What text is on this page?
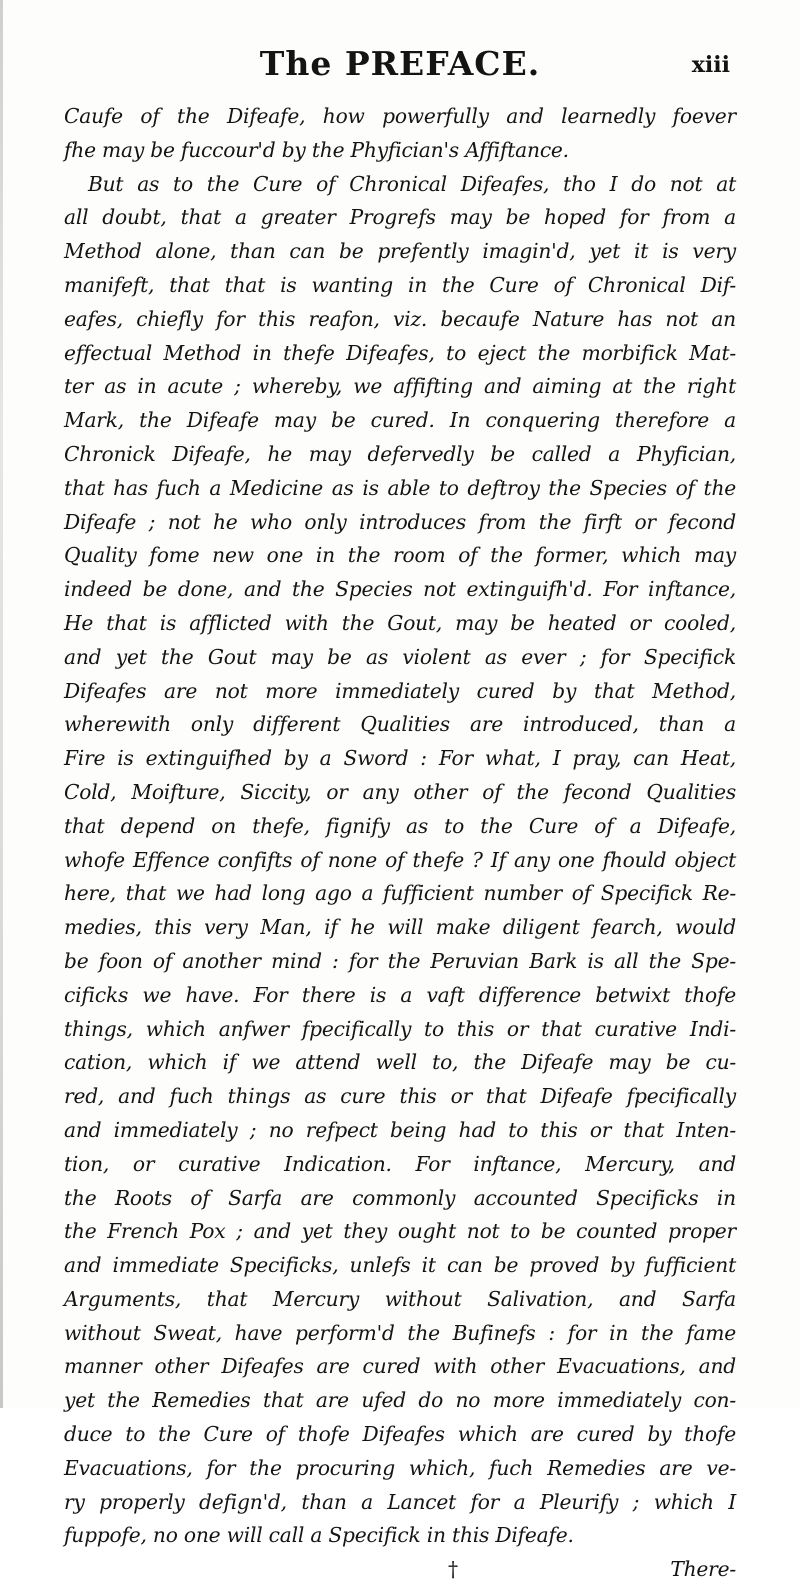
The PREFACE.	xiii
Caufe of the Difeafe, how powerfully and learnedly foever
fhe may be fuccour'd by the Phyfician's Affiftance.
But as to the Cure of Chronical Difeafes, tho I do not at
all doubt, that a greater Progrefs may be hoped for from a
Method alone, than can be prefently imagin'd, yet it is very
manifeft, that that is wanting in the Cure of Chronical Dif-
eafes, chiefly for this reafon, viz. becaufe Nature has not an
effectual Method in thefe Difeafes, to eject the morbifick Mat-
ter as in acute ; whereby, we affifting and aiming at the right
Mark, the Difeafe may be cured. In conquering therefore a
Chronick Difeafe, he may defervedly be called a Phyfician,
that has fuch a Medicine as is able to deftroy the Species of the
Difeafe ; not he who only introduces from the firft or fecond
Quality fome new one in the room of the former, which may
indeed be done, and the Species not extinguifh'd. For inftance,
He that is afflicted with the Gout, may be heated or cooled,
and yet the Gout may be as violent as ever ; for Specifick
Difeafes are not more immediately cured by that Method,
wherewith only different Qualities are introduced, than a
Fire is extinguifhed by a Sword : For what, I pray, can Heat,
Cold, Moifture, Siccity, or any other of the fecond Qualities
that depend on thefe, fignify as to the Cure of a Difeafe,
whofe Effence confifts of none of thefe ? If any one fhould object
here, that we had long ago a fufficient number of Specifick Re-
medies, this very Man, if he will make diligent fearch, would
be foon of another mind : for the Peruvian Bark is all the Spe-
cificks we have. For there is a vaft difference betwixt thofe
things, which anfwer fpecifically to this or that curative Indi-
cation, which if we attend well to, the Difeafe may be cu-
red, and fuch things as cure this or that Difeafe fpecifically
and immediately ; no refpect being had to this or that Inten-
tion, or curative Indication. For inftance, Mercury, and
the Roots of Sarfa are commonly accounted Specificks in
the French Pox ; and yet they ought not to be counted proper
and immediate Specificks, unlefs it can be proved by fufficient
Arguments, that Mercury without Salivation, and Sarfa
without Sweat, have perform'd the Bufinefs : for in the fame
manner other Difeafes are cured with other Evacuations, and
yet the Remedies that are ufed do no more immediately con-
duce to the Cure of thofe Difeafes which are cured by thofe
Evacuations, for the procuring which, fuch Remedies are ve-
ry properly defign'd, than a Lancet for a Pleurify ; which I
fuppofe, no one will call a Specifick in this Difeafe.
†	There-
